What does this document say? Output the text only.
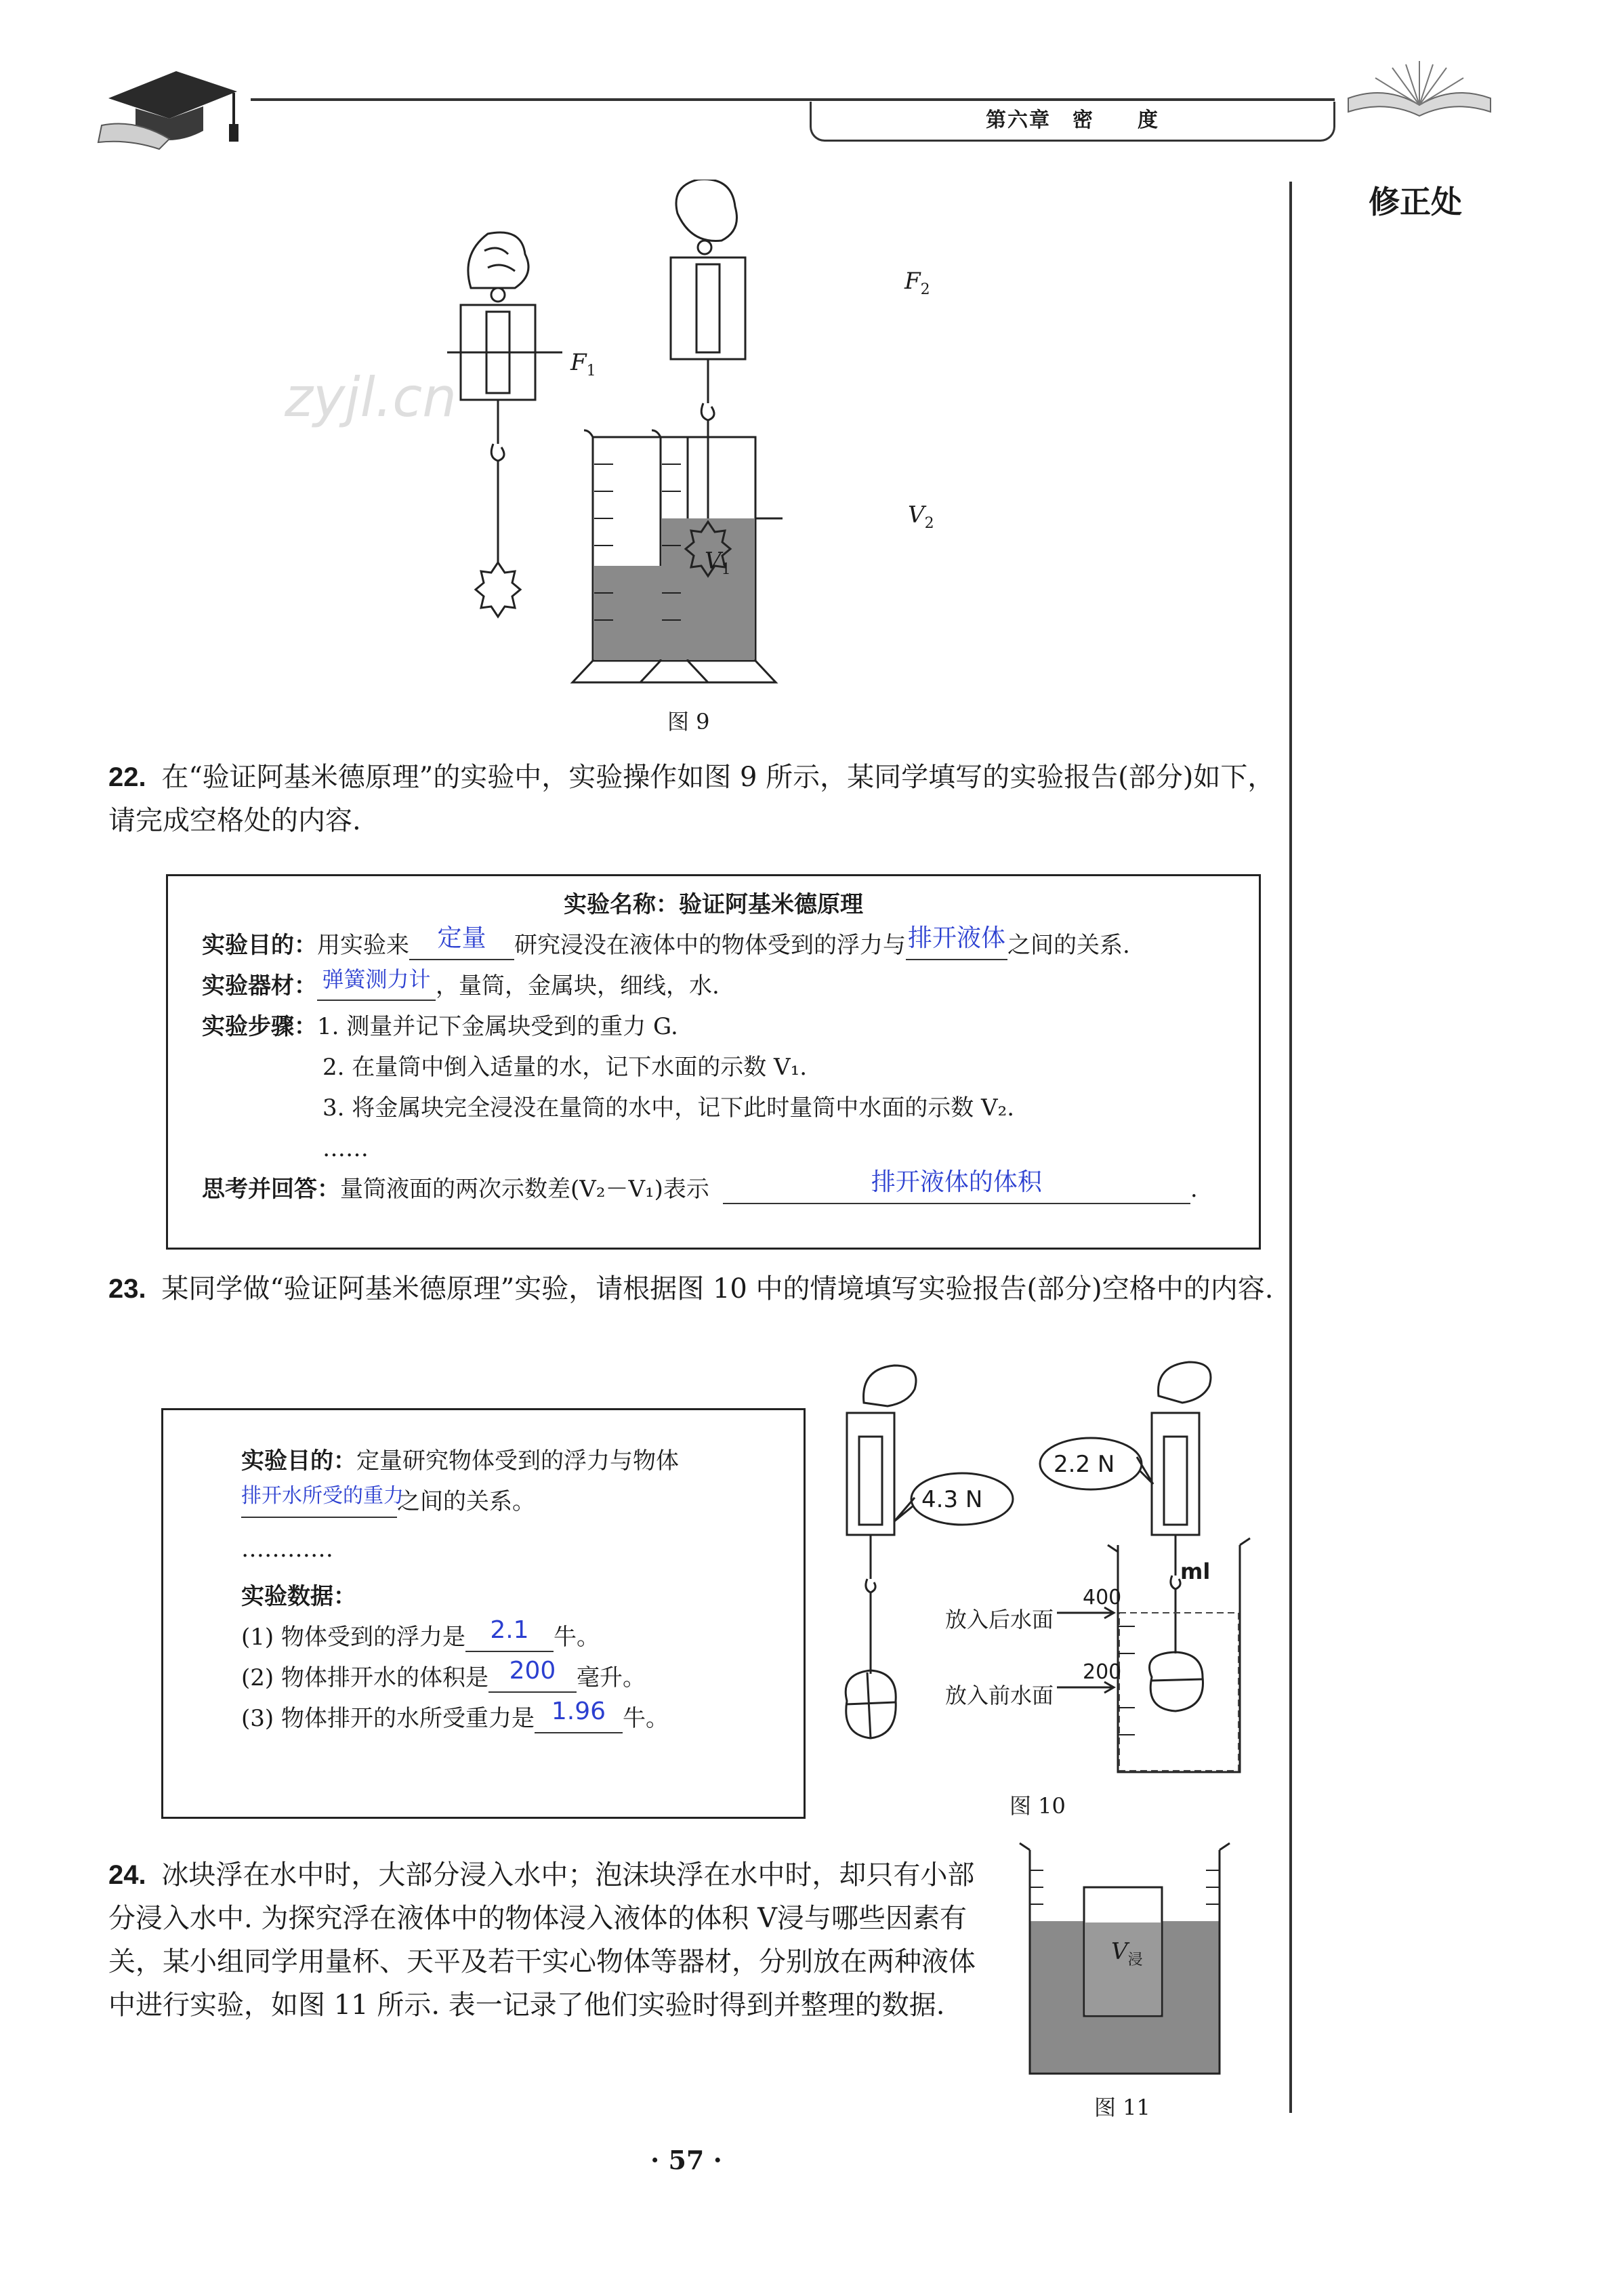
第六章　密　　度
修正处
zyjl.cn
$F_1$
$F_2$
$V_1$
$V_2$
图 9
22. 在“验证阿基米德原理”的实验中，实验操作如图 9 所示，某同学填写的实验报告(部分)如下，请完成空格处的内容.
实验名称：验证阿基米德原理
实验目的：用实验来 定量 研究浸没在液体中的物体受到的浮力与排开液体之间的关系.
实验器材： 弹簧测力计 ，量筒，金属块，细线，水.
实验步骤：1. 测量并记下金属块受到的重力 G.
2. 在量筒中倒入适量的水，记下水面的示数 V₁.
3. 将金属块完全浸没在量筒的水中，记下此时量筒中水面的示数 V₂.
……
思考并回答：量筒液面的两次示数差(V₂－V₁)表示	排开液体的体积	.
23. 某同学做“验证阿基米德原理”实验，请根据图 10 中的情境填写实验报告(部分)空格中的内容.
实验目的：定量研究物体受到的浮力与物体
排开水所受的重力之间的关系。
…………
实验数据：
(1) 物体受到的浮力是 2.1 牛。
(2) 物体排开水的体积是 200 毫升。
(3) 物体排开的水所受重力是 1.96 牛。
4.3 N
2.2 N
ml
400
200
放入后水面
放入前水面
图 10
24. 冰块浮在水中时，大部分浸入水中；泡沫块浮在水中时，却只有小部分浸入水中. 为探究浮在液体中的物体浸入液体的体积 V浸与哪些因素有关，某小组同学用量杯、天平及若干实心物体等器材，分别放在两种液体中进行实验，如图 11 所示. 表一记录了他们实验时得到并整理的数据.
$V_浸$
图 11
· 57 ·
